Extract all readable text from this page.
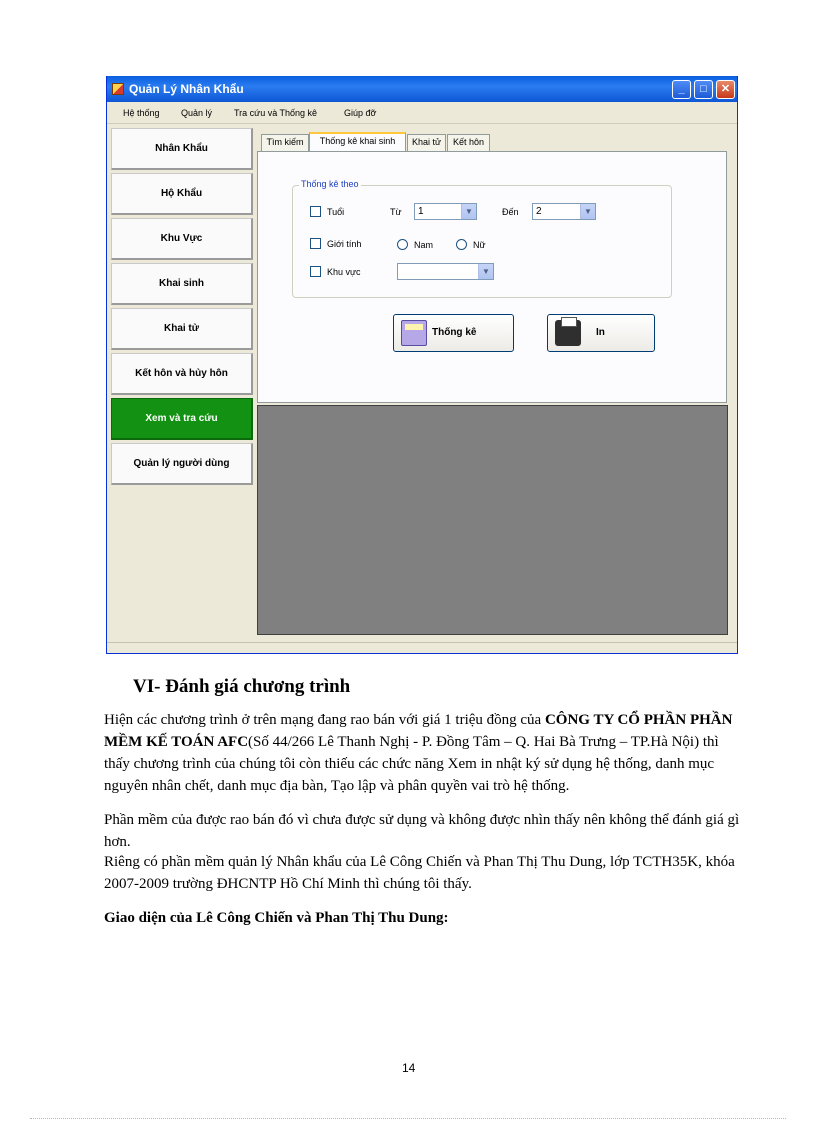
Quản Lý Nhân Khẩu	_	□	✕
Hệ thống Quản lý Tra cứu và Thống kê	Giúp đỡ
Nhân Khẩu
Hộ Khẩu
Khu Vực
Khai sinh
Khai tử
Kết hôn và hủy hôn
Xem và tra cứu
Quản lý người dùng
Tìm kiếm	Thống kê khai sinh	Khai tử	Kết hôn
Thống kê theo
Tuổi	Từ 1	▼	Đến 2	▼
Giới tính	Nam	Nữ
Khu vực	▼
Thống kê	In
VI- Đánh giá chương trình
Hiện các chương trình ở trên mạng đang rao bán với giá 1 triệu đồng của CÔNG TY CỔ PHẦN PHẦN MỀM KẾ TOÁN AFC(Số 44/266 Lê Thanh Nghị - P. Đồng Tâm – Q. Hai Bà Trưng – TP.Hà Nội) thì thấy chương trình của chúng tôi còn thiếu các chức năng Xem in nhật ký sử dụng hệ thống, danh mục nguyên nhân chết, danh mục địa bàn, Tạo lập và phân quyền vai trò hệ thống.
Phần mềm của được rao bán đó vì chưa được sử dụng và không được nhìn thấy nên không thể đánh giá gì hơn.
Riêng có phần mềm quản lý Nhân khẩu của Lê Công Chiến và Phan Thị Thu Dung, lớp TCTH35K, khóa 2007-2009 trường ĐHCNTP Hồ Chí Minh thì chúng tôi thấy.
Giao diện của Lê Công Chiến và Phan Thị Thu Dung:
14
